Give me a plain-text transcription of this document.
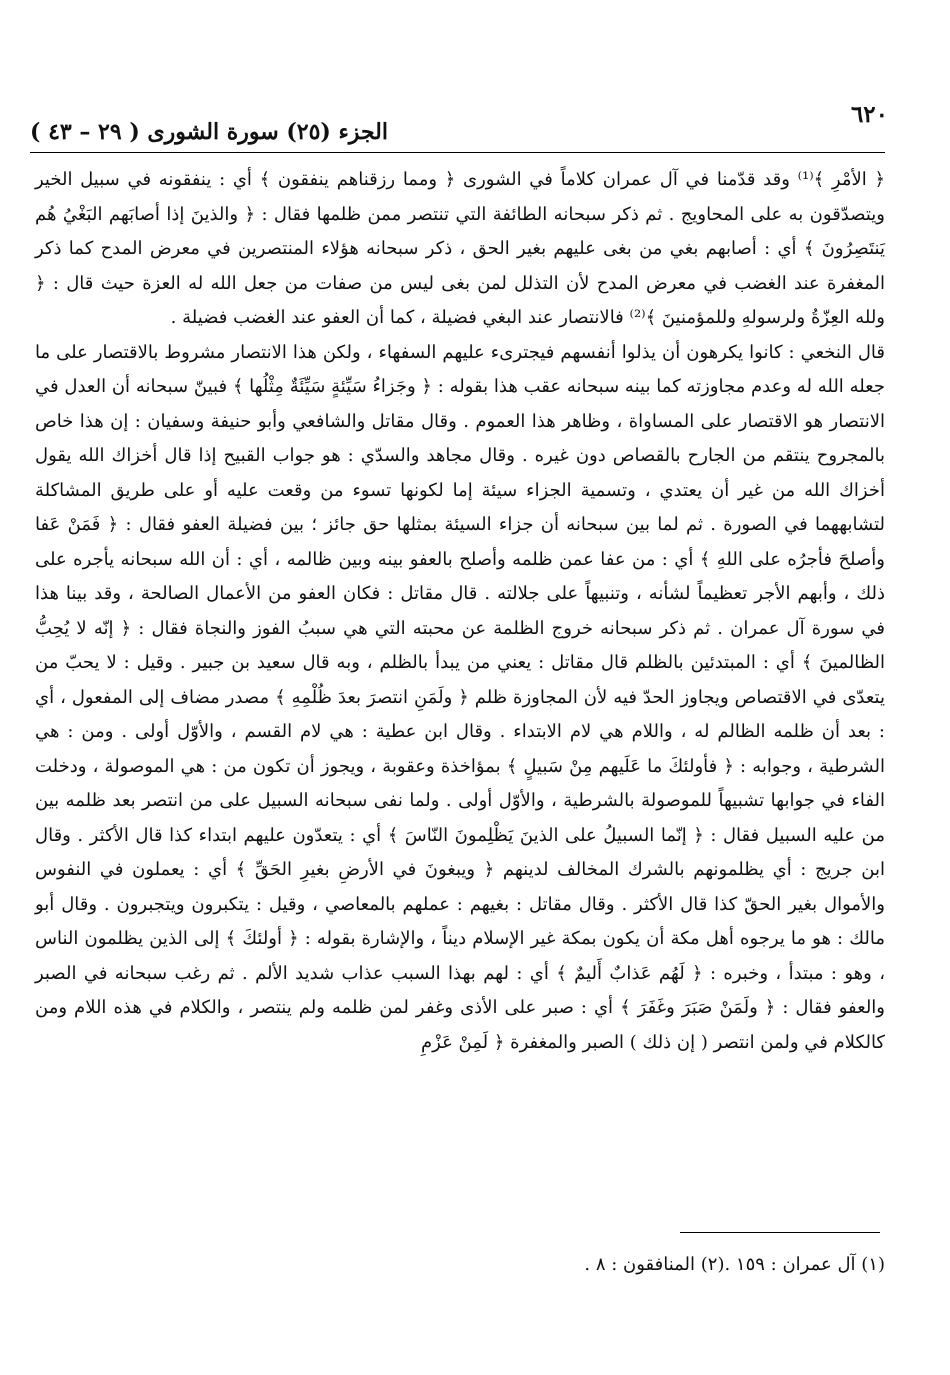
٦٢٠
الجزء (٢٥) سورة الشورى ( ٢٩ – ٤٣ )

﴿ الأمْرِ ﴾⁽¹⁾ وقد قدّمنا في آل عمران كلاماً في الشورى ﴿ ومما رزقناهم ينفقون ﴾ أي : ينفقونه في سبيل الخير ويتصدّقون به على المحاويج . ثم ذكر سبحانه الطائفة التي تنتصر ممن ظلمها فقال : ﴿ والذينَ إذا أصابَهم البَغْيُ هُم يَنتَصِرُونَ ﴾ أي : أصابهم بغي من بغى عليهم بغير الحق ، ذكر سبحانه هؤلاء المنتصرين في معرض المدح كما ذكر المغفرة عند الغضب في معرض المدح لأن التذلل لمن بغى ليس من صفات من جعل الله له العزة حيث قال : ﴿ ولله العِزّةُ ولرسولهِ وللمؤمنينَ ﴾⁽²⁾ فالانتصار عند البغي فضيلة ، كما أن العفو عند الغضب فضيلة .

قال النخعي : كانوا يكرهون أن يذلوا أنفسهم فيجترىء عليهم السفهاء ، ولكن هذا الانتصار مشروط بالاقتصار على ما جعله الله له وعدم مجاوزته كما بينه سبحانه عقب هذا بقوله : ﴿ وجَزاءُ سَيِّئةٍ سَيِّئَةٌ مِثْلُها ﴾ فبينّ سبحانه أن العدل في الانتصار هو الاقتصار على المساواة ، وظاهر هذا العموم . وقال مقاتل والشافعي وأبو حنيفة وسفيان : إن هذا خاص بالمجروح ينتقم من الجارح بالقصاص دون غيره . وقال مجاهد والسدّي : هو جواب القبيح إذا قال أخزاك الله يقول أخزاك الله من غير أن يعتدي ، وتسمية الجزاء سيئة إما لكونها تسوء من وقعت عليه أو على طريق المشاكلة لتشابههما في الصورة . ثم لما بين سبحانه أن جزاء السيئة بمثلها حق جائز ؛ بين فضيلة العفو فقال : ﴿ فَمَنْ عَفا وأصلحَ فأجرُه على اللهِ ﴾ أي : من عفا عمن ظلمه وأصلح بالعفو بينه وبين ظالمه ، أي : أن الله سبحانه يأجره على ذلك ، وأبهم الأجر تعظيماً لشأنه ، وتنبيهاً على جلالته . قال مقاتل : فكان العفو من الأعمال الصالحة ، وقد بينا هذا في سورة آل عمران . ثم ذكر سبحانه خروج الظلمة عن محبته التي هي سببُ الفوز والنجاة فقال : ﴿ إنّه لا يُحِبُّ الظالمينَ ﴾ أي : المبتدئين بالظلم قال مقاتل : يعني من يبدأ بالظلم ، وبه قال سعيد بن جبير . وقيل : لا يحبّ من يتعدّى في الاقتصاص ويجاوز الحدّ فيه لأن المجاوزة ظلم ﴿ ولَمَنِ انتصرَ بعدَ ظُلْمِهِ ﴾ مصدر مضاف إلى المفعول ، أي : بعد أن ظلمه الظالم له ، واللام هي لام الابتداء . وقال ابن عطية : هي لام القسم ، والأوّل أولى . ومن : هي الشرطية ، وجوابه : ﴿ فأولئكَ ما عَلَيهم مِنْ سَبيلٍ ﴾ بمؤاخذة وعقوبة ، ويجوز أن تكون من : هي الموصولة ، ودخلت الفاء في جوابها تشبيهاً للموصولة بالشرطية ، والأوّل أولى . ولما نفى سبحانه السبيل على من انتصر بعد ظلمه بين من عليه السبيل فقال : ﴿ إنّما السبيلُ على الذينَ يَظْلِمونَ النّاسَ ﴾ أي : يتعدّون عليهم ابتداء كذا قال الأكثر . وقال ابن جريج : أي يظلمونهم بالشرك المخالف لدينهم ﴿ ويبغونَ في الأرضِ بغيرِ الحَقِّ ﴾ أي : يعملون في النفوس والأموال بغير الحقّ كذا قال الأكثر . وقال مقاتل : بغيهم : عملهم بالمعاصي ، وقيل : يتكبرون ويتجبرون . وقال أبو مالك : هو ما يرجوه أهل مكة أن يكون بمكة غير الإسلام ديناً ، والإشارة بقوله : ﴿ أولئكَ ﴾ إلى الذين يظلمون الناس ، وهو : مبتدأ ، وخبره : ﴿ لَهُم عَذابٌ أَليمٌ ﴾ أي : لهم بهذا السبب عذاب شديد الألم . ثم رغب سبحانه في الصبر والعفو فقال : ﴿ ولَمَنْ صَبَرَ وغَفَرَ ﴾ أي : صبر على الأذى وغفر لمن ظلمه ولم ينتصر ، والكلام في هذه اللام ومن كالكلام في ولمن انتصر ( إن ذلك ) الصبر والمغفرة ﴿ لَمِنْ عَزْمِ

(١) آل عمران : ١٥٩ .(٢) المنافقون : ٨ .
